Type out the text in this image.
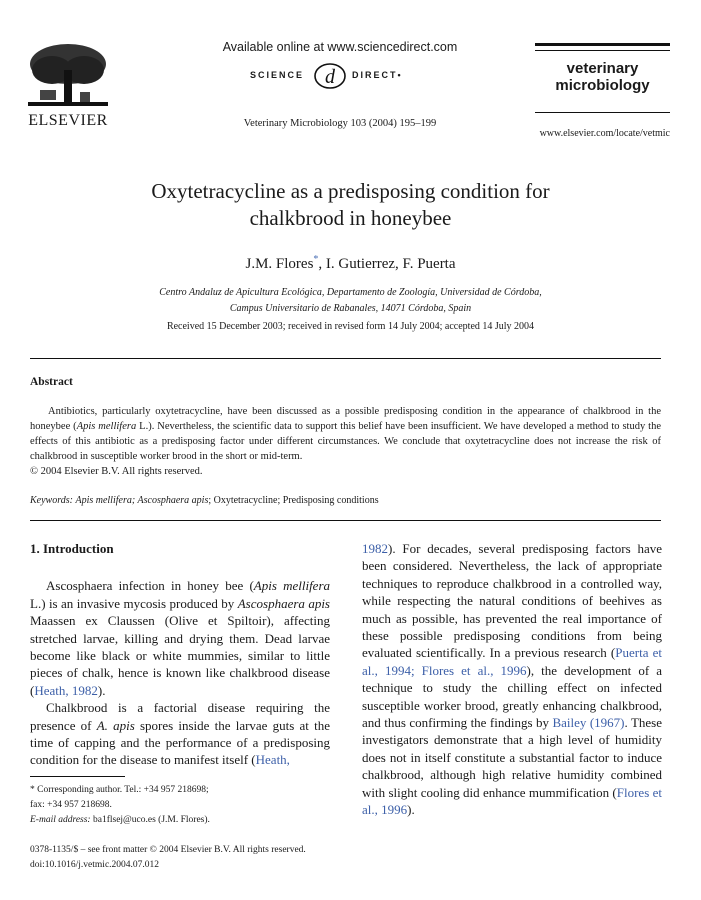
ELSEVIER
Available online at www.sciencedirect.com
SCIENCE d DIRECT•
Veterinary Microbiology 103 (2004) 195–199
veterinary
microbiology
www.elsevier.com/locate/vetmic
Oxytetracycline as a predisposing condition for
chalkbrood in honeybee
J.M. Flores*, I. Gutierrez, F. Puerta
Centro Andaluz de Apicultura Ecológica, Departamento de Zoología, Universidad de Córdoba,
Campus Universitario de Rabanales, 14071 Córdoba, Spain
Received 15 December 2003; received in revised form 14 July 2004; accepted 14 July 2004
Abstract
Antibiotics, particularly oxytetracycline, have been discussed as a possible predisposing condition in the appearance of chalkbrood in the honeybee (Apis mellifera L.). Nevertheless, the scientific data to support this belief have been insufficient. We have developed a method to study the effects of this antibiotic as a predisposing factor under different circumstances. We conclude that oxytetracycline does not increase the risk of chalkbrood in susceptible worker brood in the short or mid-term.
© 2004 Elsevier B.V. All rights reserved.
Keywords: Apis mellifera; Ascosphaera apis; Oxytetracycline; Predisposing conditions
1. Introduction

Ascosphaera infection in honey bee (Apis mellifera L.) is an invasive mycosis produced by Ascosphaera apis Maassen ex Claussen (Olive et Spiltoir), affecting stretched larvae, killing and drying them. Dead larvae become like black or white mummies, similar to little pieces of chalk, hence is known like chalkbrood disease (Heath, 1982).

Chalkbrood is a factorial disease requiring the presence of A. apis spores inside the larvae guts at the time of capping and the performance of a predisposing condition for the disease to manifest itself (Heath,

1982). For decades, several predisposing factors have been considered. Nevertheless, the lack of appropriate techniques to reproduce chalkbrood in a controlled way, while respecting the natural conditions of beehives as much as possible, has prevented the real importance of these possible predisposing conditions from being evaluated scientifically. In a previous research (Puerta et al., 1994; Flores et al., 1996), the development of a technique to study the chilling effect on infected susceptible worker brood, greatly enhancing chalkbrood, and thus confirming the findings by Bailey (1967). These investigators demonstrate that a high level of humidity does not in itself constitute a substantial factor to induce chalkbrood, although high relative humidity combined with slight cooling did enhance mummification (Flores et al., 1996).

* Corresponding author. Tel.: +34 957 218698;
fax: +34 957 218698.
E-mail address: ba1flsej@uco.es (J.M. Flores).
0378-1135/$ – see front matter © 2004 Elsevier B.V. All rights reserved.
doi:10.1016/j.vetmic.2004.07.012
